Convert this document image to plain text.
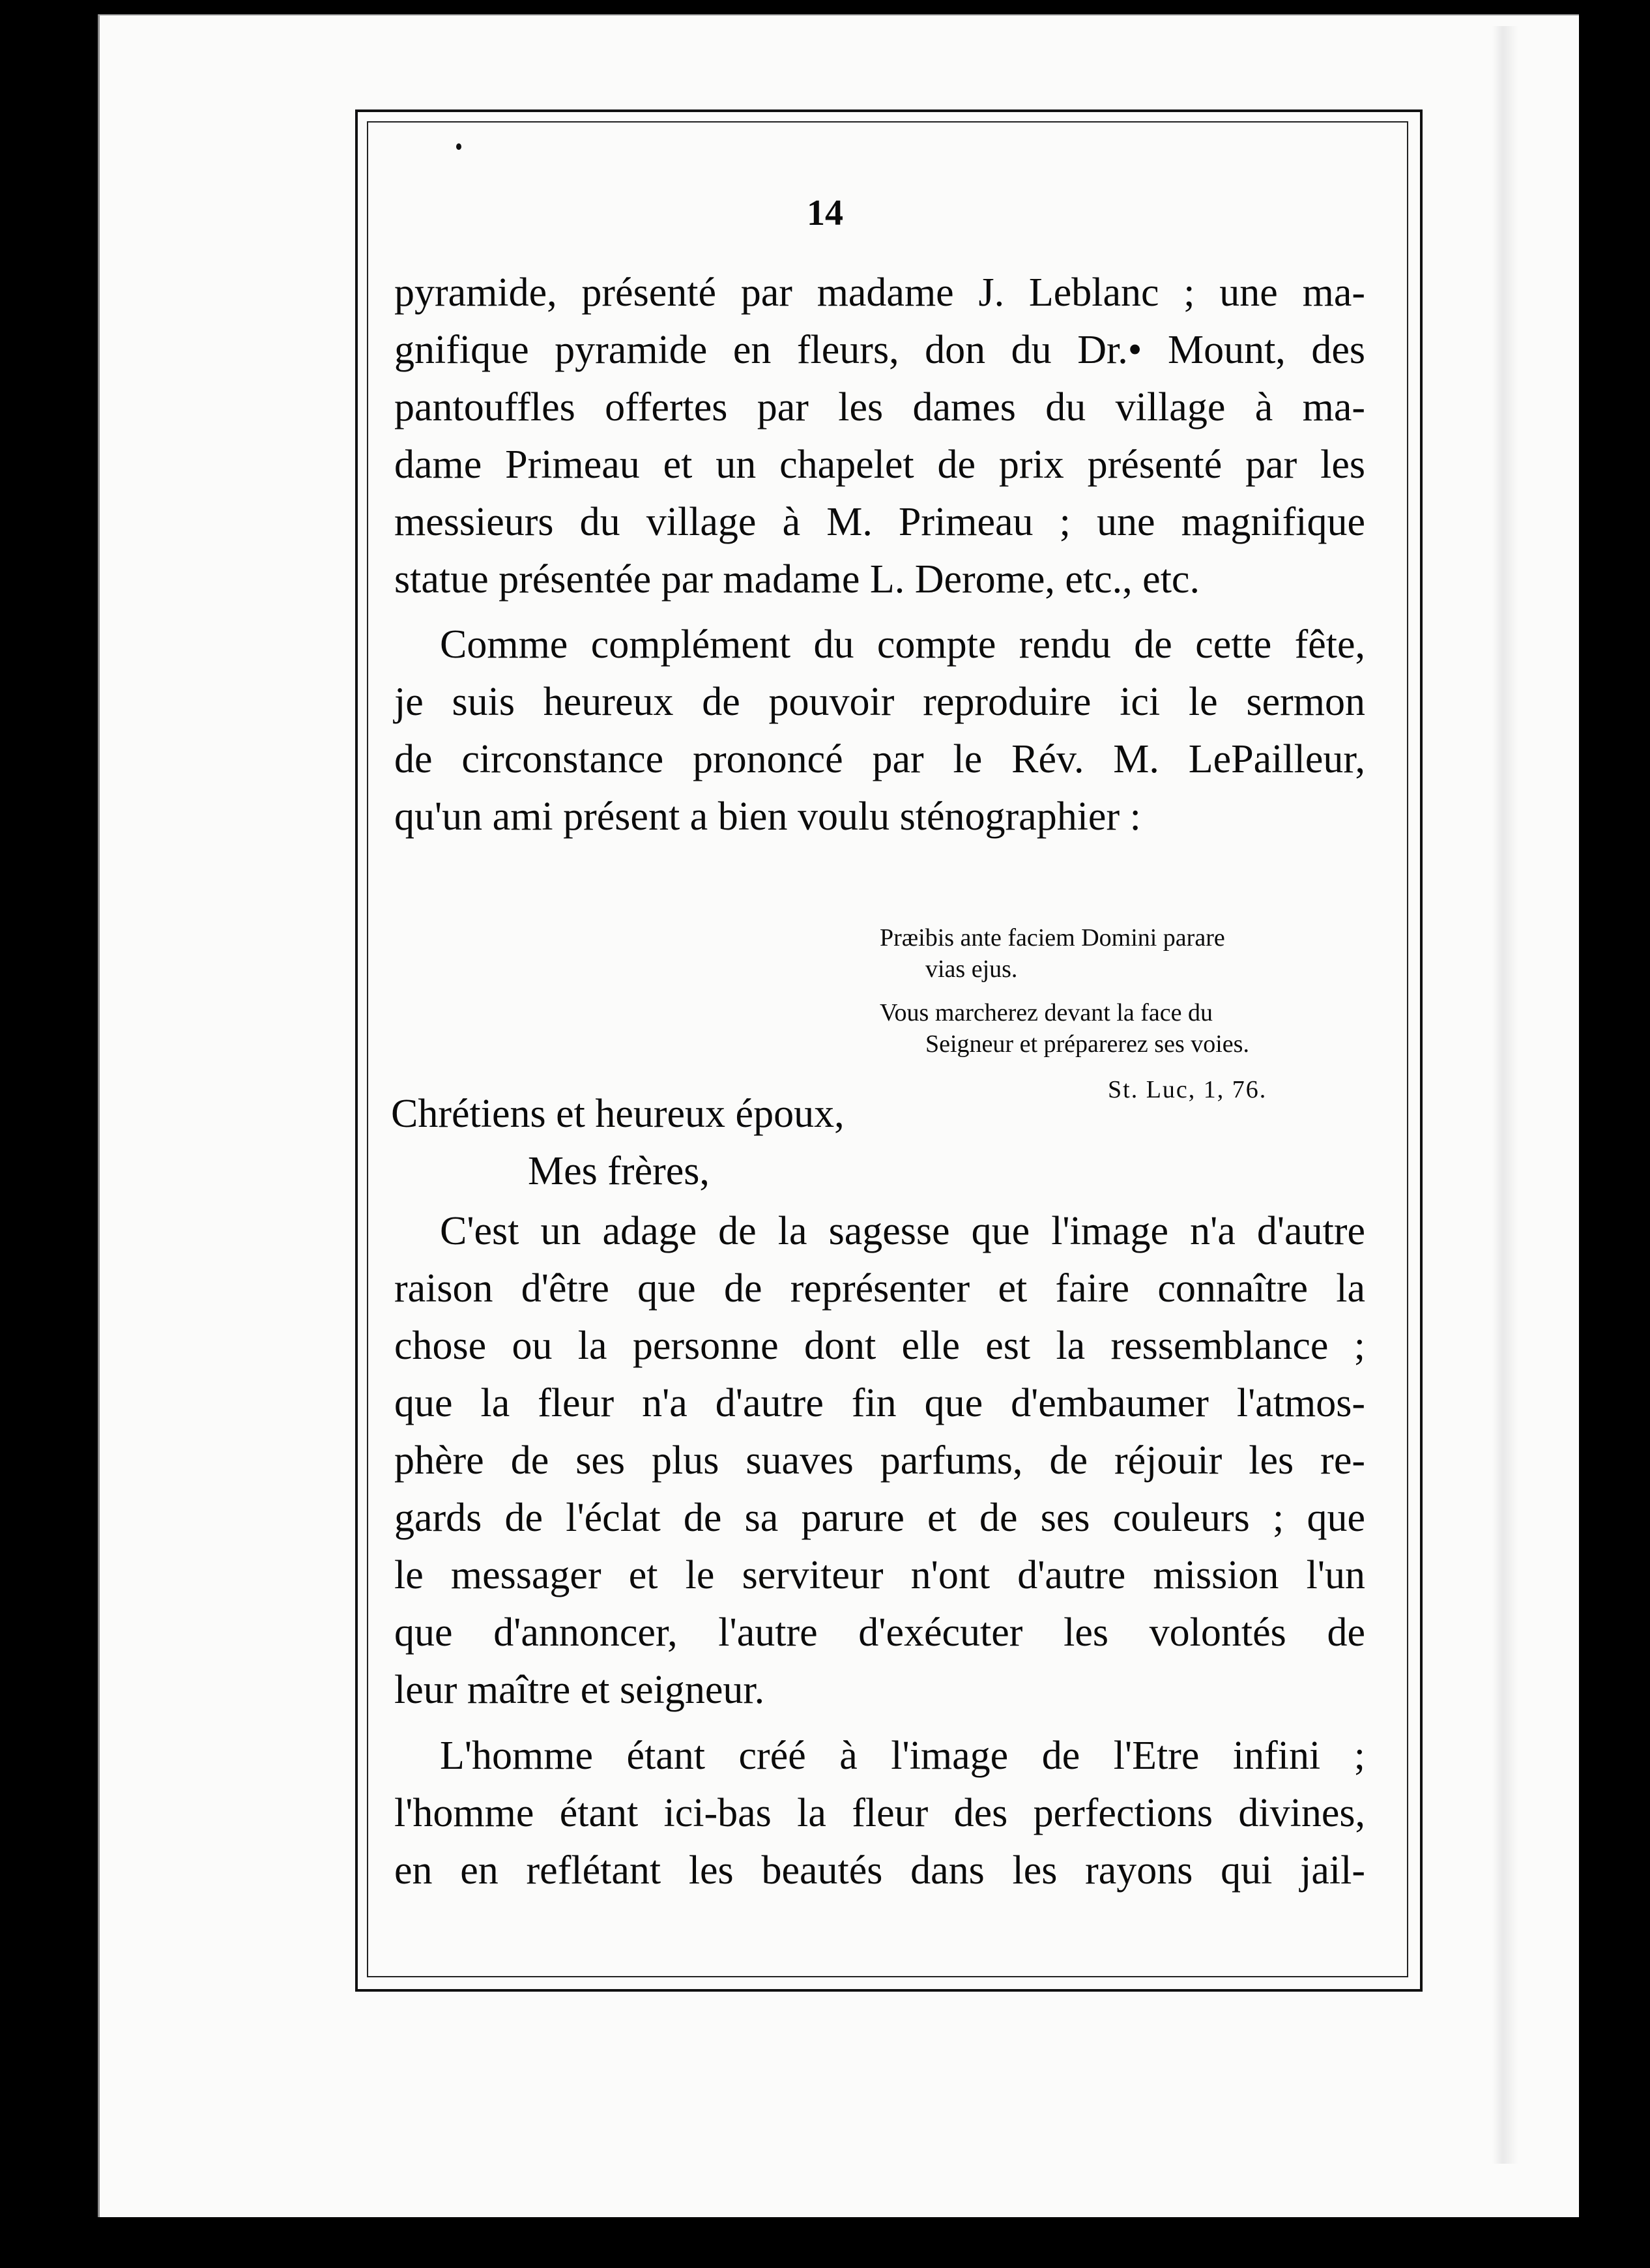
14
pyramide, présenté par madame J. Leblanc ; une ma-
gnifique pyramide en fleurs, don du Dr.• Mount, des
pantouffles offertes par les dames du village à ma-
dame Primeau et un chapelet de prix présenté par les
messieurs du village à M. Primeau ; une magnifique
statue présentée par madame L. Derome, etc., etc.
Comme complément du compte rendu de cette fête,
je suis heureux de pouvoir reproduire ici le sermon
de circonstance prononcé par le Rév. M. LePailleur,
qu'un ami présent a bien voulu sténographier :
Præibis ante faciem Domini parare
vias ejus.
Vous marcherez devant la face du
Seigneur et préparerez ses voies.
St. Luc, 1, 76.
Chrétiens et heureux époux,
Mes frères,
C'est un adage de la sagesse que l'image n'a d'autre
raison d'être que de représenter et faire connaître la
chose ou la personne dont elle est la ressemblance ;
que la fleur n'a d'autre fin que d'embaumer l'atmos-
phère de ses plus suaves parfums, de réjouir les re-
gards de l'éclat de sa parure et de ses couleurs ; que
le messager et le serviteur n'ont d'autre mission l'un
que d'annoncer, l'autre d'exécuter les volontés de
leur maître et seigneur.
L'homme étant créé à l'image de l'Etre infini ;
l'homme étant ici-bas la fleur des perfections divines,
en en reflétant les beautés dans les rayons qui jail-
